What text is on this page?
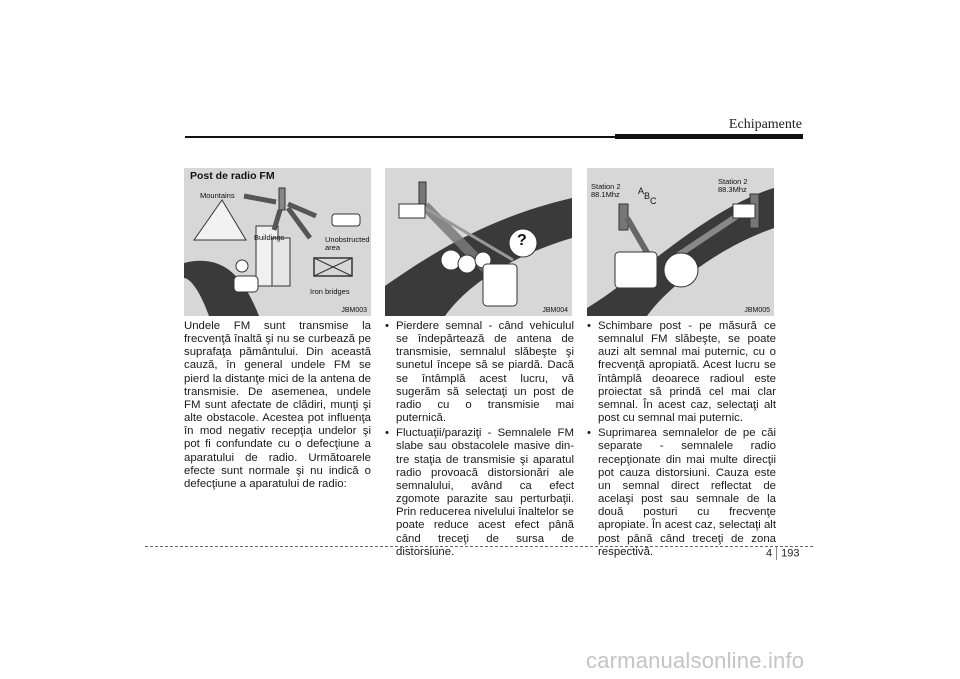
Echipamente
Post de radio FM
Mountains
Buildings	Unobstructed
area
Iron bridges
JBM003
?
JBM004
Station 2
88.1Mhz A B C
Station 2
88.3Mhz
JBM005

Undele FM sunt transmise la frecvenţă înaltă şi nu se curbează pe suprafaţa pământului. Din această cauză, în general undele FM se pierd la distanţe mici de la antena de transmisie. De asemenea, undele FM sunt afectate de clădiri, munţi şi alte obstacole. Acestea pot influenţa în mod negativ recepţia undelor şi pot fi confundate cu o defecţiune a aparatului de radio. Următoarele efecte sunt normale şi nu indică o defecţiune a aparatului de radio:

• Pierdere semnal - când vehiculul se îndepărtează de antena de transmisie, semnalul slăbeşte şi sunetul începe să se piardă. Dacă se întâmplă acest lucru, vă sugerăm să selectaţi un post de radio cu o transmisie mai puternică.
• Fluctuaţii/paraziţi - Semnalele FM slabe sau obstacolele masive din-tre staţia de transmisie şi aparatul radio provoacă distorsionări ale semnalului, având ca efect zgomote parazite sau perturbaţii. Prin reducerea nivelului înaltelor se poate reduce acest efect până când treceţi de sursa de distorsiune.
• Schimbare post - pe măsură ce semnalul FM slăbeşte, se poate auzi alt semnal mai puternic, cu o frecvenţă apropiată. Acest lucru se întâmplă deoarece radioul este proiectat să prindă cel mai clar semnal. În acest caz, selectaţi alt post cu semnal mai puternic.
• Suprimarea semnalelor de pe căi separate - semnalele radio recepţionate din mai multe direcţii pot cauza distorsiuni. Cauza este un semnal direct reflectat de acelaşi post sau semnale de la două posturi cu frecvenţe apropiate. În acest caz, selectaţi alt post până când treceţi de zona respectivă.	4 193
carmanualsonline.info
